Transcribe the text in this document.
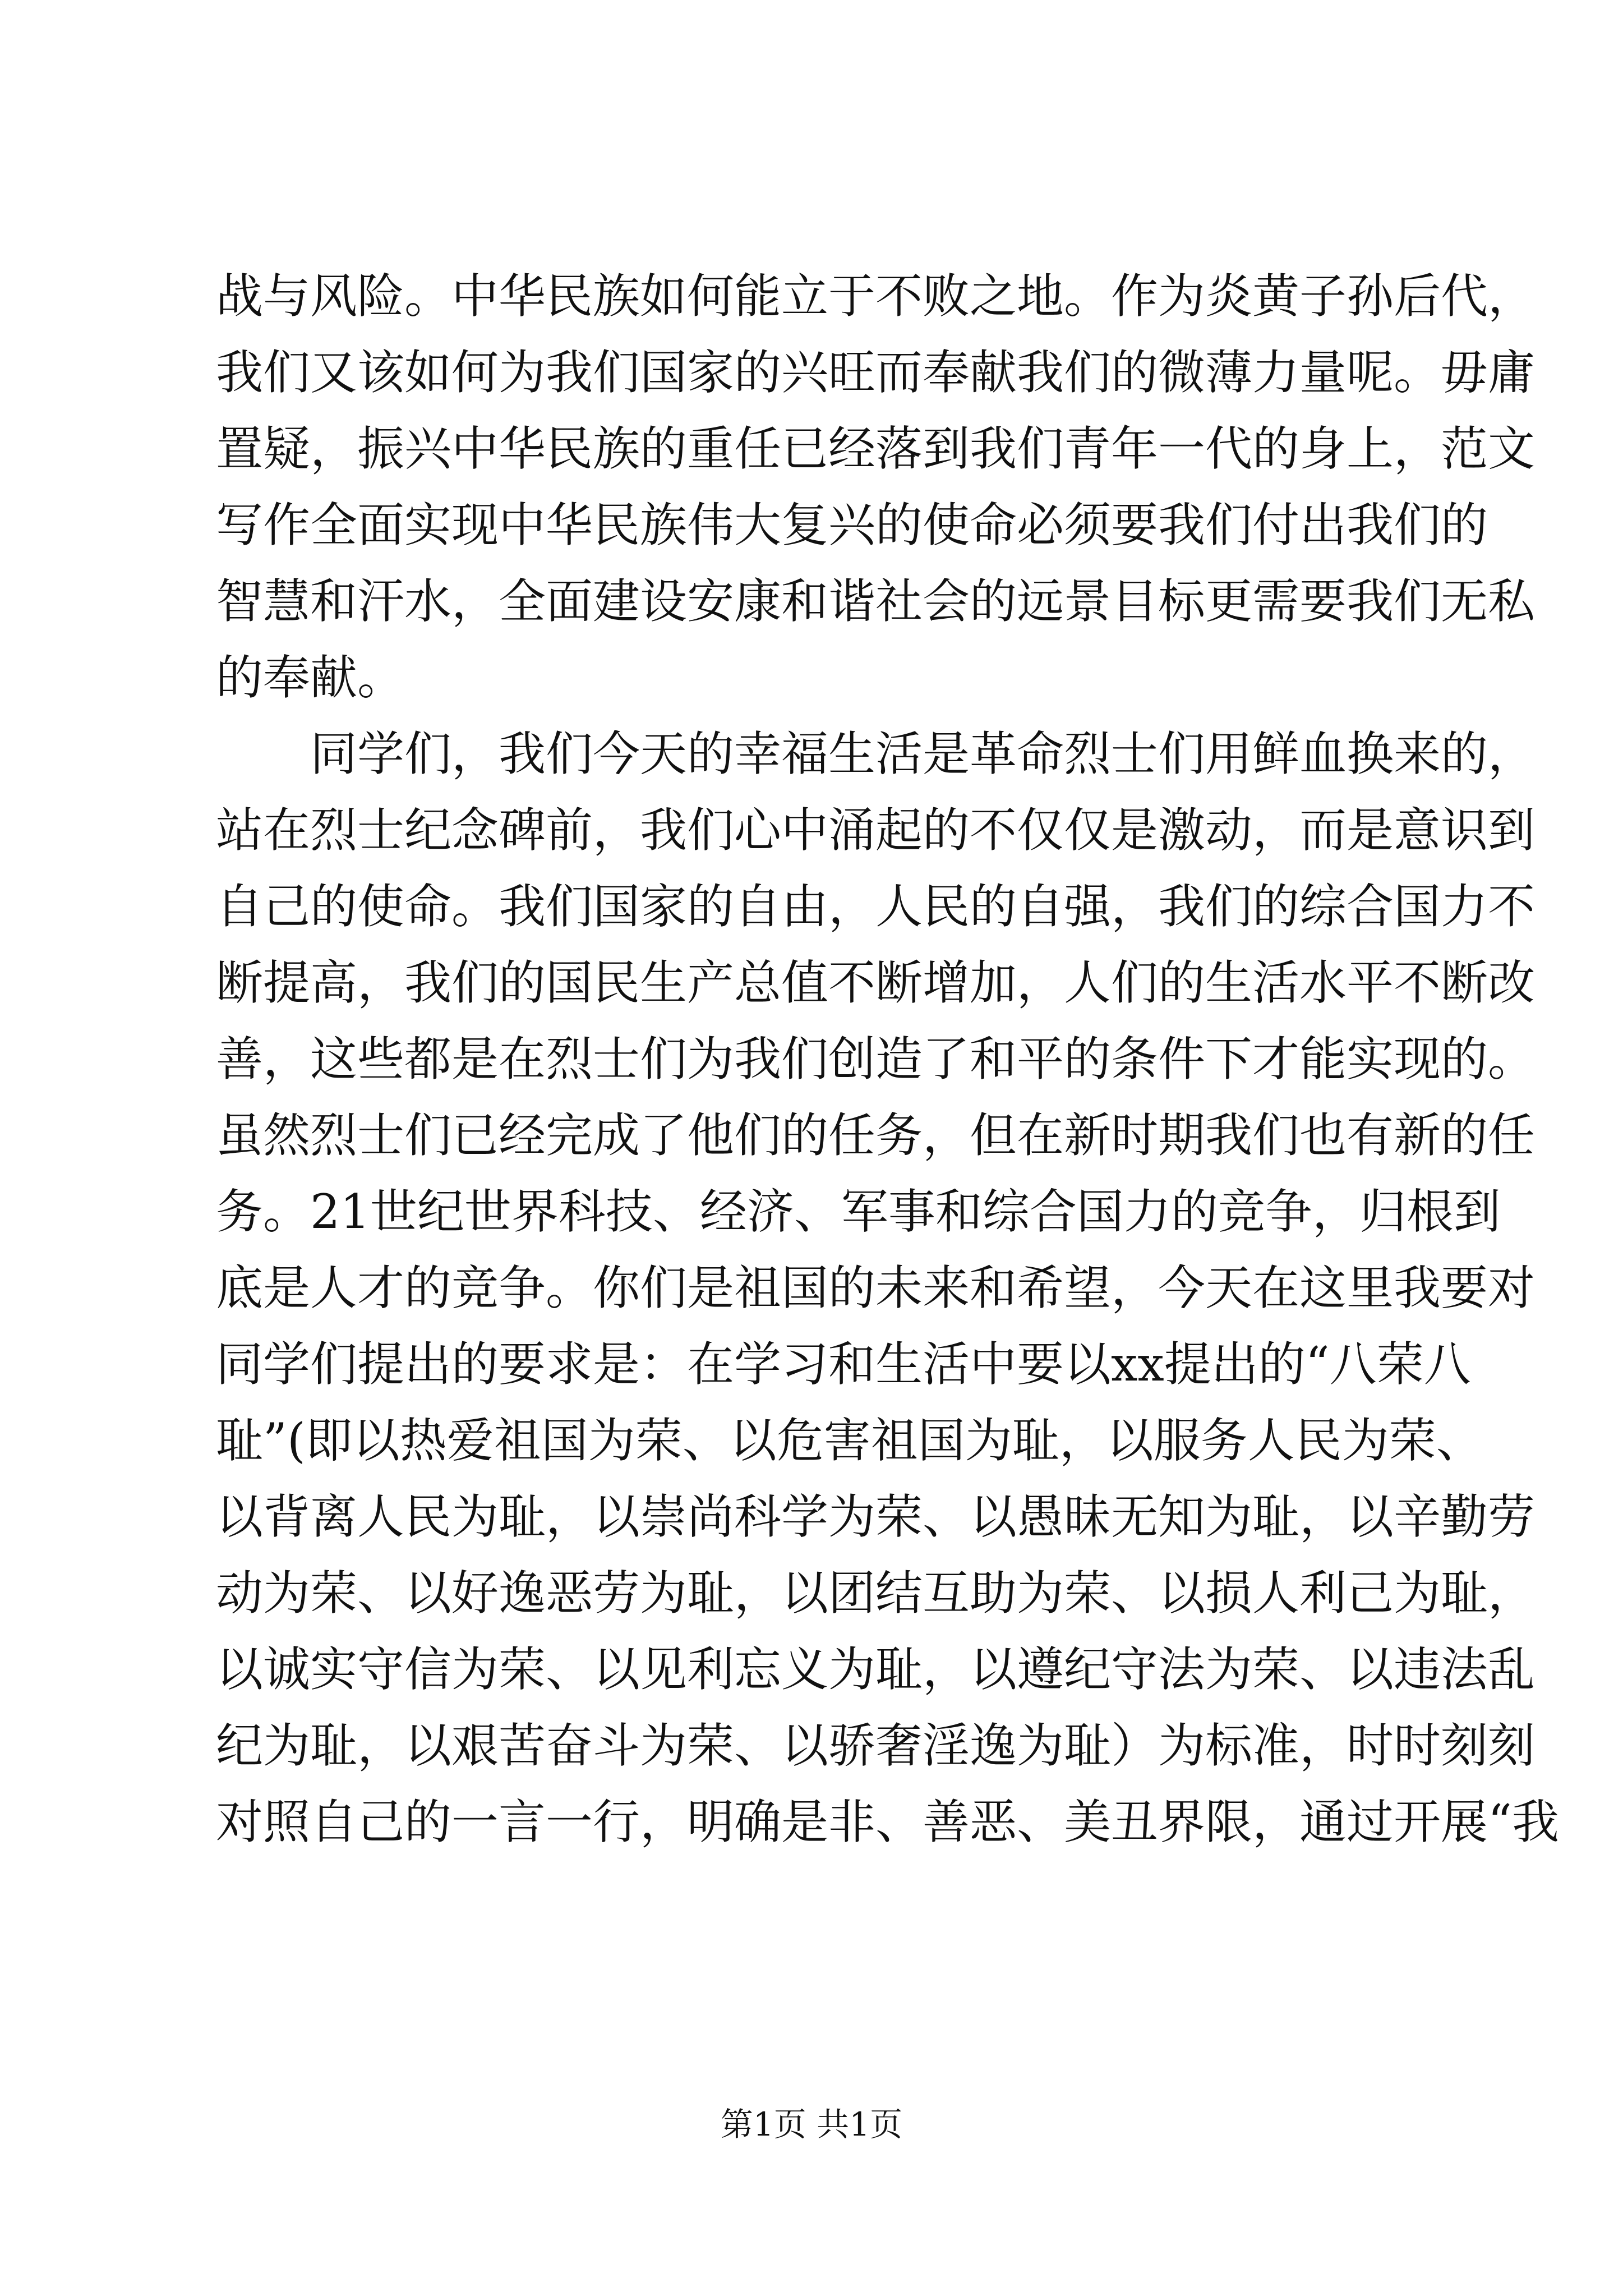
战与风险。中华民族如何能立于不败之地。作为炎黄子孙后代，
我们又该如何为我们国家的兴旺而奉献我们的微薄力量呢。毋庸
置疑，振兴中华民族的重任已经落到我们青年一代的身上，范文
写作全面实现中华民族伟大复兴的使命必须要我们付出我们的
智慧和汗水，全面建设安康和谐社会的远景目标更需要我们无私
的奉献。
同学们，我们今天的幸福生活是革命烈士们用鲜血换来的，
站在烈士纪念碑前，我们心中涌起的不仅仅是激动，而是意识到
自己的使命。我们国家的自由，人民的自强，我们的综合国力不
断提高，我们的国民生产总值不断增加，人们的生活水平不断改
善，这些都是在烈士们为我们创造了和平的条件下才能实现的。
虽然烈士们已经完成了他们的任务，但在新时期我们也有新的任
务。21世纪世界科技、经济、军事和综合国力的竞争，归根到
底是人才的竞争。你们是祖国的未来和希望，今天在这里我要对
同学们提出的要求是：在学习和生活中要以xx提出的“八荣八
耻”(即以热爱祖国为荣、以危害祖国为耻，以服务人民为荣、
以背离人民为耻，以崇尚科学为荣、以愚昧无知为耻，以辛勤劳
动为荣、以好逸恶劳为耻，以团结互助为荣、以损人利己为耻，
以诚实守信为荣、以见利忘义为耻，以遵纪守法为荣、以违法乱
纪为耻，以艰苦奋斗为荣、以骄奢淫逸为耻）为标准，时时刻刻
对照自己的一言一行，明确是非、善恶、美丑界限，通过开展“我
第1页 共1页
